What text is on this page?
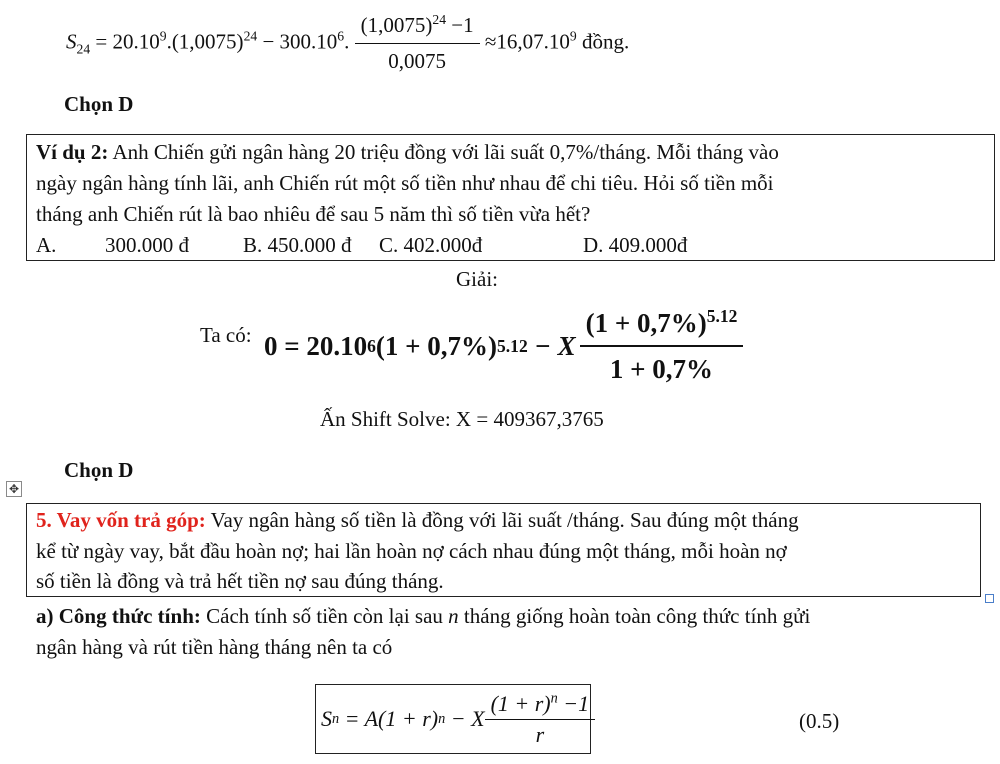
$S_{24} = 20.10^9.(1,0075)^{24} - 300.10^6$. $\frac{(1,0075)^{24} -1}{0,0075} \approx 16,07.10^9$ đồng.
Chọn D
Ví dụ 2: Anh Chiến gửi ngân hàng 20 triệu đồng với lãi suất 0,7%/tháng. Mỗi tháng vào
ngày ngân hàng tính lãi, anh Chiến rút một số tiền như nhau để chi tiêu. Hỏi số tiền mỗi
tháng anh Chiến rút là bao nhiêu để sau 5 năm thì số tiền vừa hết?
A. 300.000 đ	B. 450.000 đ C. 402.000đ	D. 409.000đ
Giải:
Ta có: 0 = 20.10 6 (1 + 0,7%) 5.12 − X $\frac{(1 + 0,7\%)^{5.12}}{1 + 0,7\%}$
Ấn Shift Solve: X = 409367,3765
Chọn D
✥
5. Vay vốn trả góp: Vay ngân hàng số tiền là đồng với lãi suất /tháng. Sau đúng một tháng
kể từ ngày vay, bắt đầu hoàn nợ; hai lần hoàn nợ cách nhau đúng một tháng, mỗi hoàn nợ
số tiền là đồng và trả hết tiền nợ sau đúng tháng.
a) Công thức tính: Cách tính số tiền còn lại sau n tháng giống hoàn toàn công thức tính gửi
ngân hàng và rút tiền hàng tháng nên ta có
S n = A (1 + r) n − X $\frac{(1 + r)^n -1}{r}$	(0.5)
